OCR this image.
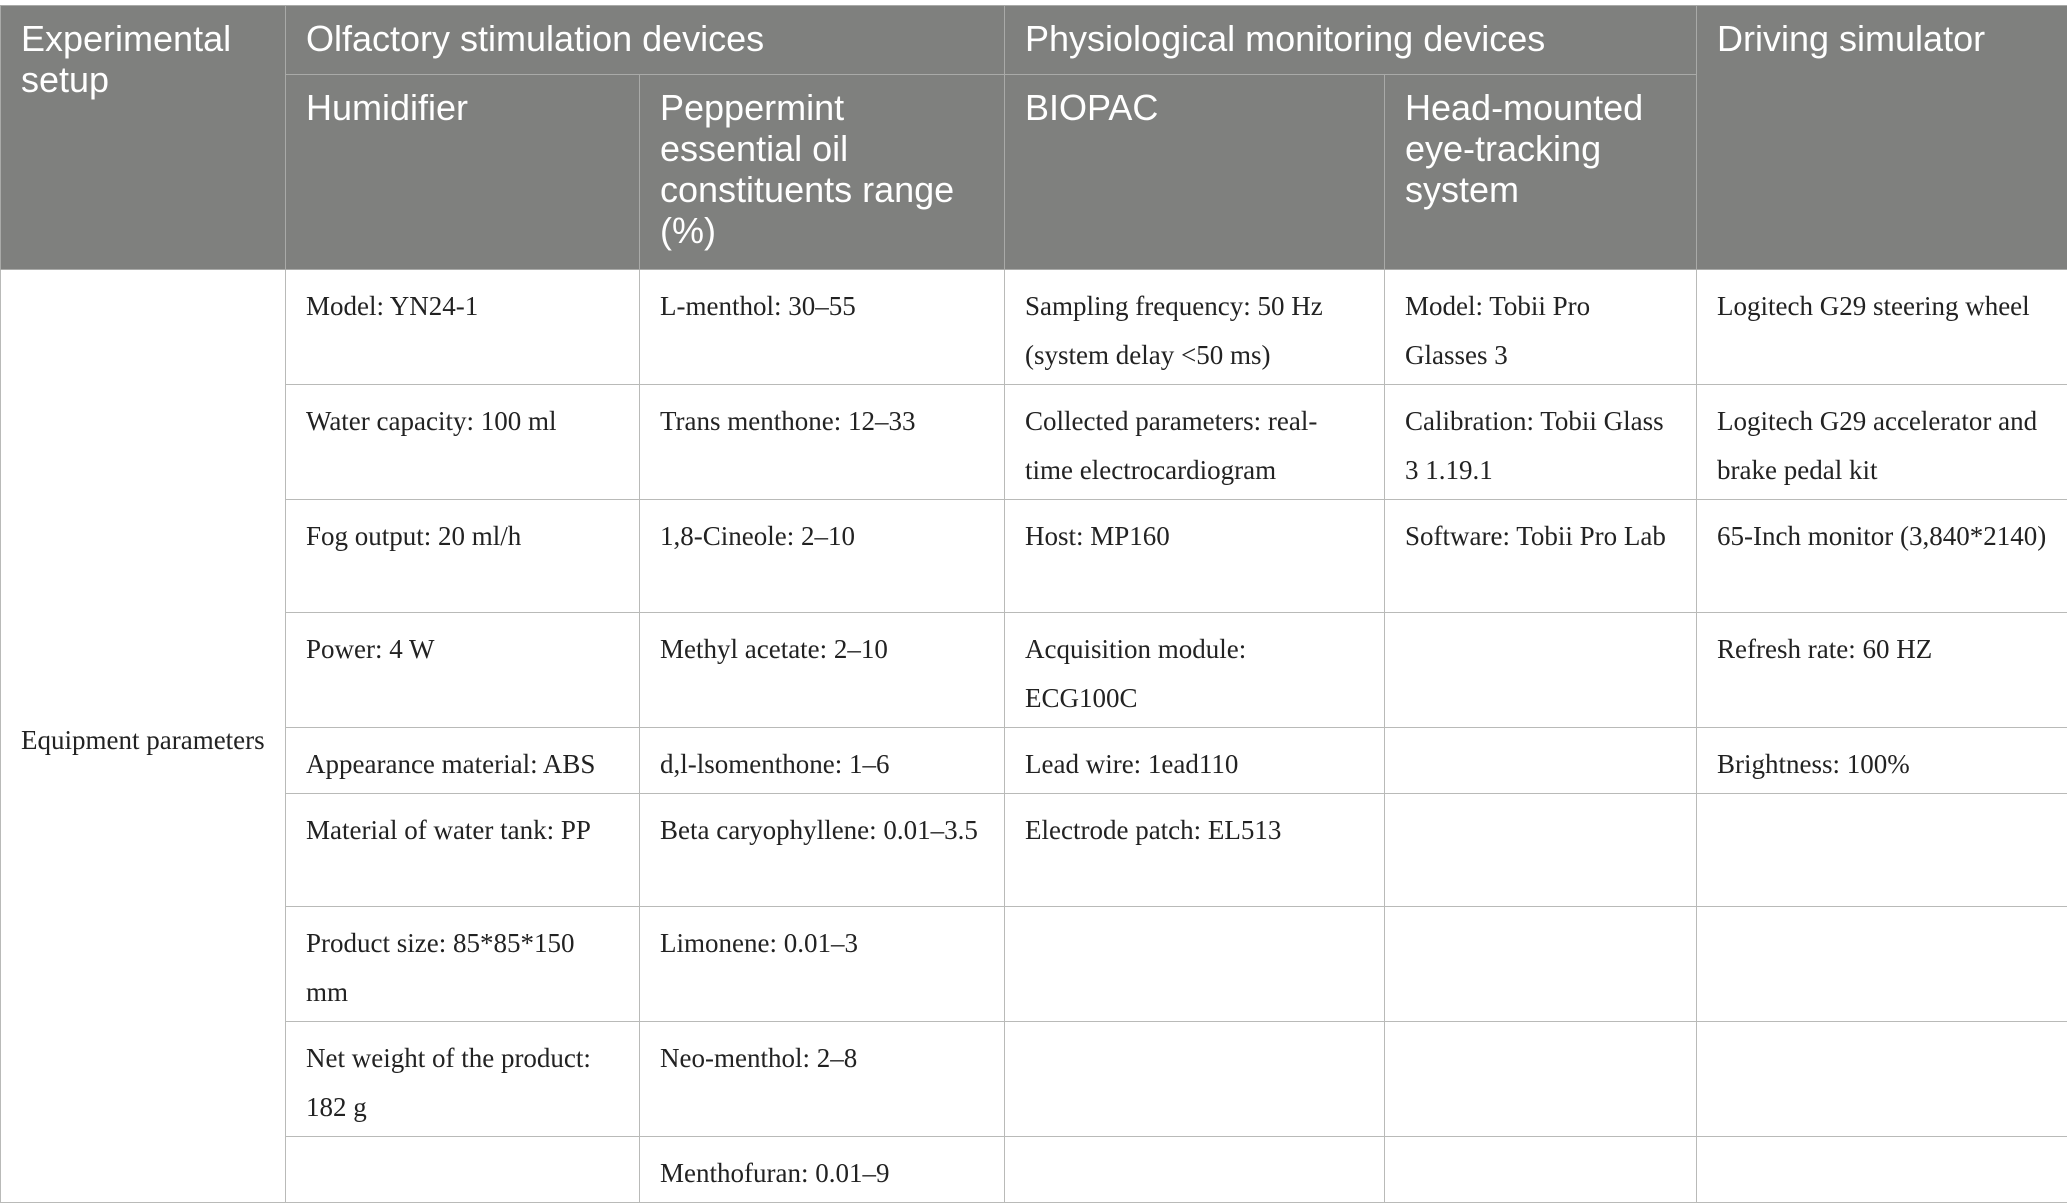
Experimental setup	Olfactory stimulation devices		Physiological monitoring devices		Driving simulator
	Humidifier	Peppermint essential oil constituents range (%)	BIOPAC	Head-mounted eye-tracking system	
Equipment parameters	Model: YN24-1	L-menthol: 30–55	Sampling frequency: 50 Hz (system delay <50 ms)	Model: Tobii Pro Glasses 3	Logitech G29 steering wheel
	Water capacity: 100 ml	Trans menthone: 12–33	Collected parameters: real-time electrocardiogram	Calibration: Tobii Glass 3 1.19.1	Logitech G29 accelerator and brake pedal kit
	Fog output: 20 ml/h	1,8-Cineole: 2–10	Host: MP160	Software: Tobii Pro Lab	65-Inch monitor (3,840*2140)
	Power: 4 W	Methyl acetate: 2–10	Acquisition module: ECG100C		Refresh rate: 60 HZ
	Appearance material: ABS	d,l-lsomenthone: 1–6	Lead wire: 1ead110		Brightness: 100%
	Material of water tank: PP	Beta caryophyllene: 0.01–3.5	Electrode patch: EL513		
	Product size: 85*85*150 mm	Limonene: 0.01–3			
	Net weight of the product: 182 g	Neo-menthol: 2–8			
		Menthofuran: 0.01–9			
